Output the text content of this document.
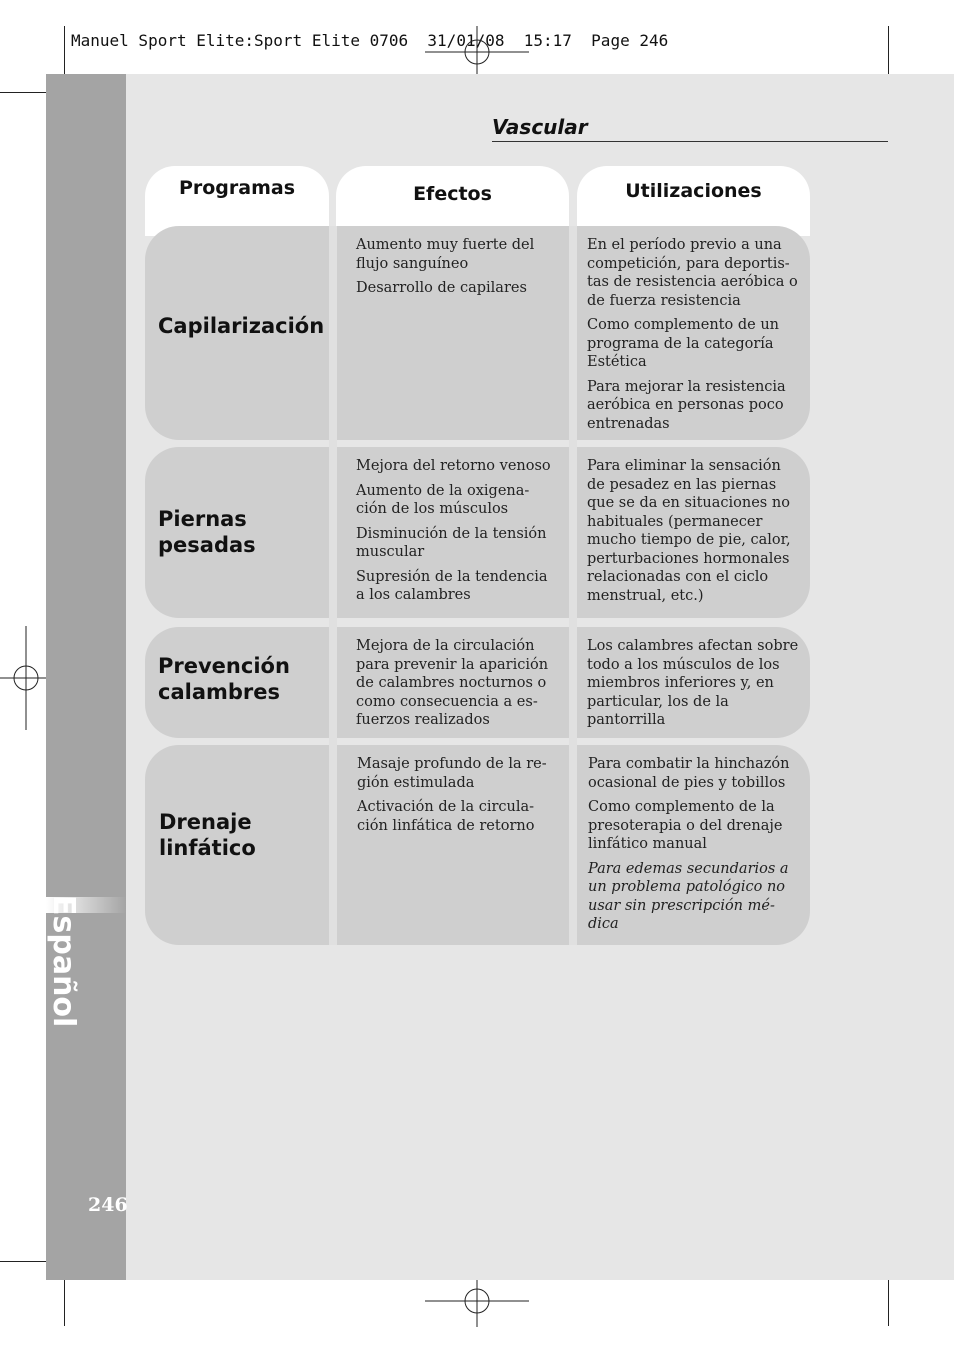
Manuel Sport Elite:Sport Elite 0706  31/01/08  15:17  Page 246
Español
246
Vascular
Programas	Efectos	Utilizaciones
Capilarización

Aumento muy fuerte del
flujo sanguíneo

Desarrollo de capilares

En el período previo a una
competición, para deportis-
tas de resistencia aeróbica o
de fuerza resistencia

Como complemento de un
programa de la categoría
Estética

Para mejorar la resistencia
aeróbica en personas poco
entrenadas

Piernas
pesadas

Mejora del retorno venoso

Aumento de la oxigena-
ción de los músculos

Disminución de la tensión
muscular

Supresión de la tendencia
a los calambres

Para eliminar la sensación
de pesadez en las piernas
que se da en situaciones no
habituales (permanecer
mucho tiempo de pie, calor,
perturbaciones hormonales
relacionadas con el ciclo
menstrual, etc.)

Prevención
calambres

Mejora de la circulación
para prevenir la aparición
de calambres nocturnos o
como consecuencia a es-
fuerzos realizados

Los calambres afectan sobre
todo a los músculos de los
miembros inferiores y, en
particular, los de la
pantorrilla

Drenaje
linfático

Masaje profundo de la re-
gión estimulada

Activación de la circula-
ción linfática de retorno

Para combatir la hinchazón
ocasional de pies y tobillos

Como complemento de la
presoterapia o del drenaje
linfático manual

Para edemas secundarios a
un problema patológico no
usar sin prescripción mé-
dica
